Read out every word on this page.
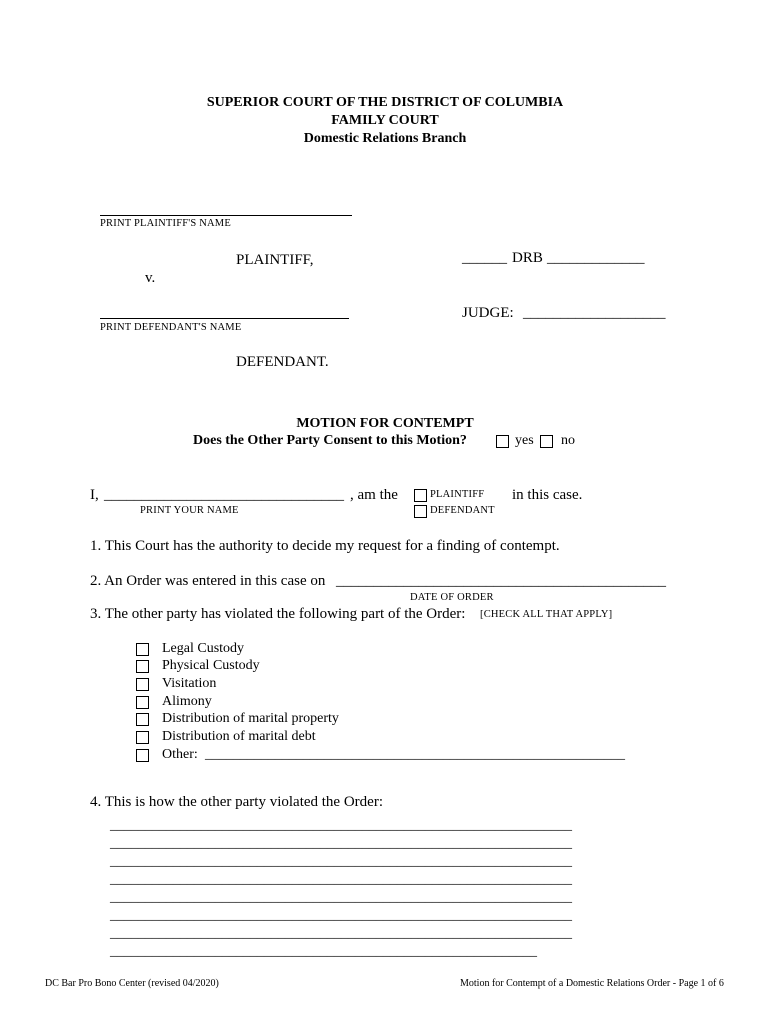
SUPERIOR COURT OF THE DISTRICT OF COLUMBIA
FAMILY COURT
Domestic Relations Branch
PRINT PLAINTIFF'S NAME
PLAINTIFF,
v.
______ DRB _____________
PRINT DEFENDANT'S NAME
JUDGE: ___________________
DEFENDANT.
MOTION FOR CONTEMPT
Does the Other Party Consent to this Motion?	yes no
I, ________________________________ , am the	PLAINTIFF
DEFENDANT
in this case.
PRINT YOUR NAME
1. This Court has the authority to decide my request for a finding of contempt.
2. An Order was entered in this case on ____________________________________________
DATE OF ORDER
3. The other party has violated the following part of the Order: [CHECK ALL THAT APPLY]
Legal Custody
Physical Custody
Visitation
Alimony
Distribution of marital property
Distribution of marital debt
Other: ____________________________________________________________
4. This is how the other party violated the Order:
__________________________________________________________________
__________________________________________________________________
__________________________________________________________________
__________________________________________________________________
__________________________________________________________________
__________________________________________________________________
__________________________________________________________________
_____________________________________________________________
DC Bar Pro Bono Center (revised 04/2020)	Motion for Contempt of a Domestic Relations Order - Page 1 of 6
